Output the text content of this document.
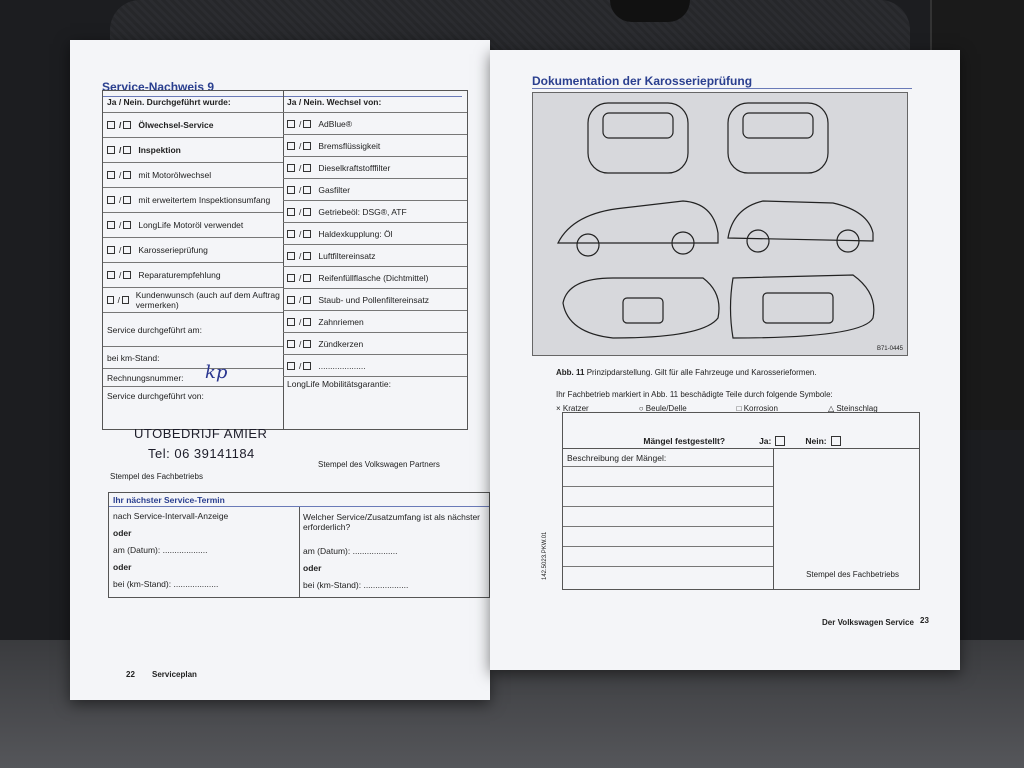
Service-Nachweis 9
Ja / Nein. Durchgeführt wurde:
/ Ölwechsel-Service
/ Inspektion
/ mit Motorölwechsel
/ mit erweitertem Inspektionsumfang
/ LongLife Motoröl verwendet
/ Karosserieprüfung
/ Reparaturempfehlung
/ Kundenwunsch (auch auf dem Auftrag vermerken)
Service durchgeführt am:
bei km-Stand:
Rechnungsnummer:
Service durchgeführt von:
Ja / Nein. Wechsel von:
/ AdBlue®
/ Bremsflüssigkeit
/ Dieselkraftstofffilter
/ Gasfilter
/ Getriebeöl: DSG®, ATF
/ Haldexkupplung: Öl
/ Luftfiltereinsatz
/ Reifenfüllflasche (Dichtmittel)
/ Staub- und Pollenfiltereinsatz
/ Zahnriemen
/ Zündkerzen
/ ....................
LongLife Mobilitätsgarantie:
kp
UTOBEDRIJF AMIER
Tel: 06 39141184
Stempel des Fachbetriebs
Stempel des Volkswagen Partners
Ihr nächster Service-Termin
nach Service-Intervall-Anzeige
oder
am (Datum): ...................
oder
bei (km-Stand): ...................
Welcher Service/Zusatzumfang ist als nächster erforderlich?
am (Datum): ...................
oder
bei (km-Stand): ...................
22 Serviceplan
Dokumentation der Karosserieprüfung
B71-0445
Abb. 11 Prinzipdarstellung. Gilt für alle Fahrzeuge und Karosserieformen.
Ihr Fachbetrieb markiert in Abb. 11 beschädigte Teile durch folgende Symbole:
× Kratzer	○ Beule/Delle	□ Korrosion	△ Steinschlag
Mängel festgestellt?	Ja:	Nein:
Beschreibung der Mängel:
Stempel des Fachbetriebs
142.5023.PKW.01
Der Volkswagen Service 23
